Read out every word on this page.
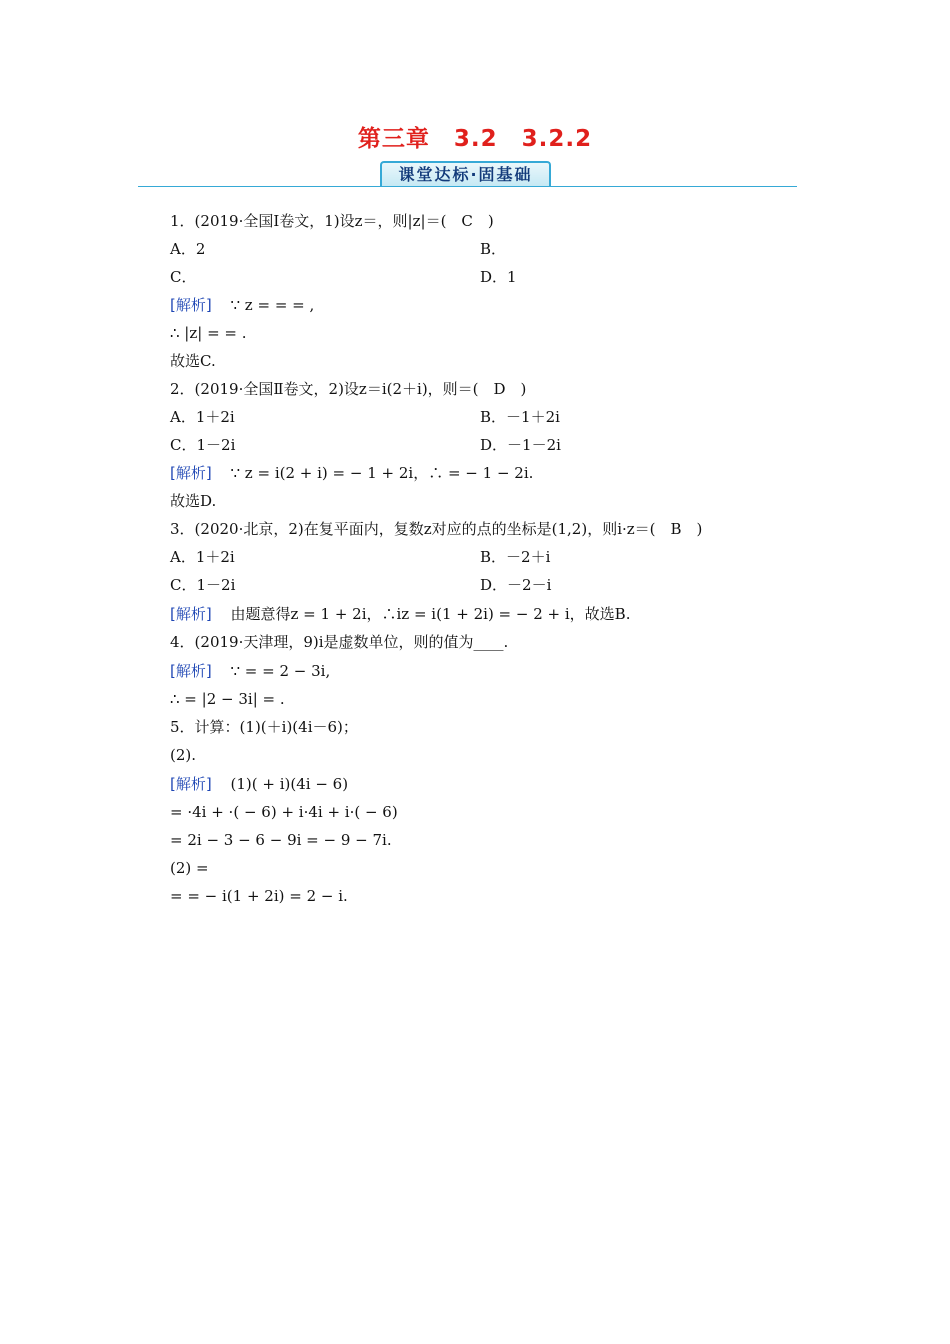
第三章　3.2　3.2.2
课堂达标·固基础
1．(2019·全国Ⅰ卷文，1)设z＝，则|z|＝(　C　)
A．2	B．
C．	D．1
[解析] ∵ z = = = ,
∴ |z| = = .
故选C.
2．(2019·全国Ⅱ卷文，2)设z＝i(2＋i)，则＝(　D　)
A．1＋2i	B．－1＋2i
C．1－2i	D．－1－2i
[解析] ∵ z = i(2 + i) = − 1 + 2i，∴ = − 1 − 2i.
故选D.
3．(2020·北京，2)在复平面内，复数z对应的点的坐标是(1,2)，则i·z＝(　B　)
A．1＋2i	B．－2＋i
C．1－2i	D．－2－i
[解析] 由题意得z = 1 + 2i，∴iz = i(1 + 2i) = − 2 + i，故选B.
4．(2019·天津理，9)i是虚数单位，则的值为____.
[解析] ∵ = = 2 − 3i,
∴ = |2 − 3i| = .
5．计算：(1)(＋i)(4i－6)；
(2).
[解析] (1)( + i)(4i − 6)
= ·4i + ·( − 6) + i·4i + i·( − 6)
= 2i − 3 − 6 − 9i = − 9 − 7i.
(2) =
= = − i(1 + 2i) = 2 − i.
